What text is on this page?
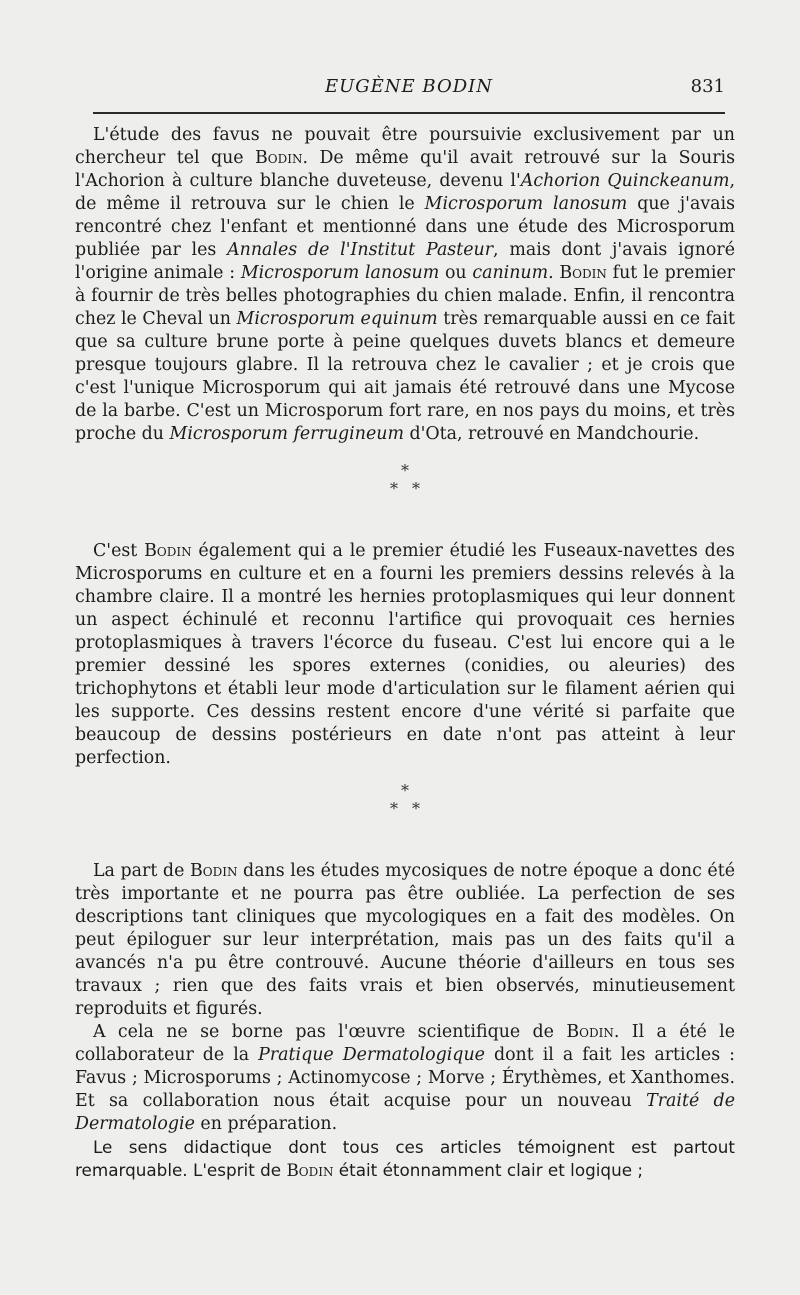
EUGÈNE BODIN	831

L'étude des favus ne pouvait être poursuivie exclusivement par un chercheur tel que Bodin. De même qu'il avait retrouvé sur la Souris l'Achorion à culture blanche duveteuse, devenu l'Achorion Quinckeanum, de même il retrouva sur le chien le Microsporum lanosum que j'avais rencontré chez l'enfant et mentionné dans une étude des Microsporum publiée par les Annales de l'Institut Pasteur, mais dont j'avais ignoré l'origine animale : Microsporum lanosum ou caninum. Bodin fut le premier à fournir de très belles photographies du chien malade. Enfin, il rencontra chez le Cheval un Microsporum equinum très remarquable aussi en ce fait que sa culture brune porte à peine quelques duvets blancs et demeure presque toujours glabre. Il la retrouva chez le cavalier ; et je crois que c'est l'unique Microsporum qui ait jamais été retrouvé dans une Mycose de la barbe. C'est un Microsporum fort rare, en nos pays du moins, et très proche du Microsporum ferrugineum d'Ota, retrouvé en Mandchourie.

*
**

C'est Bodin également qui a le premier étudié les Fuseaux-navettes des Microsporums en culture et en a fourni les premiers dessins relevés à la chambre claire. Il a montré les hernies protoplasmiques qui leur donnent un aspect échinulé et reconnu l'artifice qui provoquait ces hernies protoplasmiques à travers l'écorce du fuseau. C'est lui encore qui a le premier dessiné les spores externes (conidies, ou aleuries) des trichophytons et établi leur mode d'articulation sur le filament aérien qui les supporte. Ces dessins restent encore d'une vérité si parfaite que beaucoup de dessins postérieurs en date n'ont pas atteint à leur perfection.

*
**

La part de Bodin dans les études mycosiques de notre époque a donc été très importante et ne pourra pas être oubliée. La perfection de ses descriptions tant cliniques que mycologiques en a fait des modèles. On peut épiloguer sur leur interprétation, mais pas un des faits qu'il a avancés n'a pu être controuvé. Aucune théorie d'ailleurs en tous ses travaux ; rien que des faits vrais et bien observés, minutieusement reproduits et figurés.

A cela ne se borne pas l'œuvre scientifique de Bodin. Il a été le collaborateur de la Pratique Dermatologique dont il a fait les articles : Favus ; Microsporums ; Actinomycose ; Morve ; Érythèmes, et Xanthomes. Et sa collaboration nous était acquise pour un nouveau Traité de Dermatologie en préparation.

Le sens didactique dont tous ces articles témoignent est partout remarquable. L'esprit de Bodin était étonnamment clair et logique ;
